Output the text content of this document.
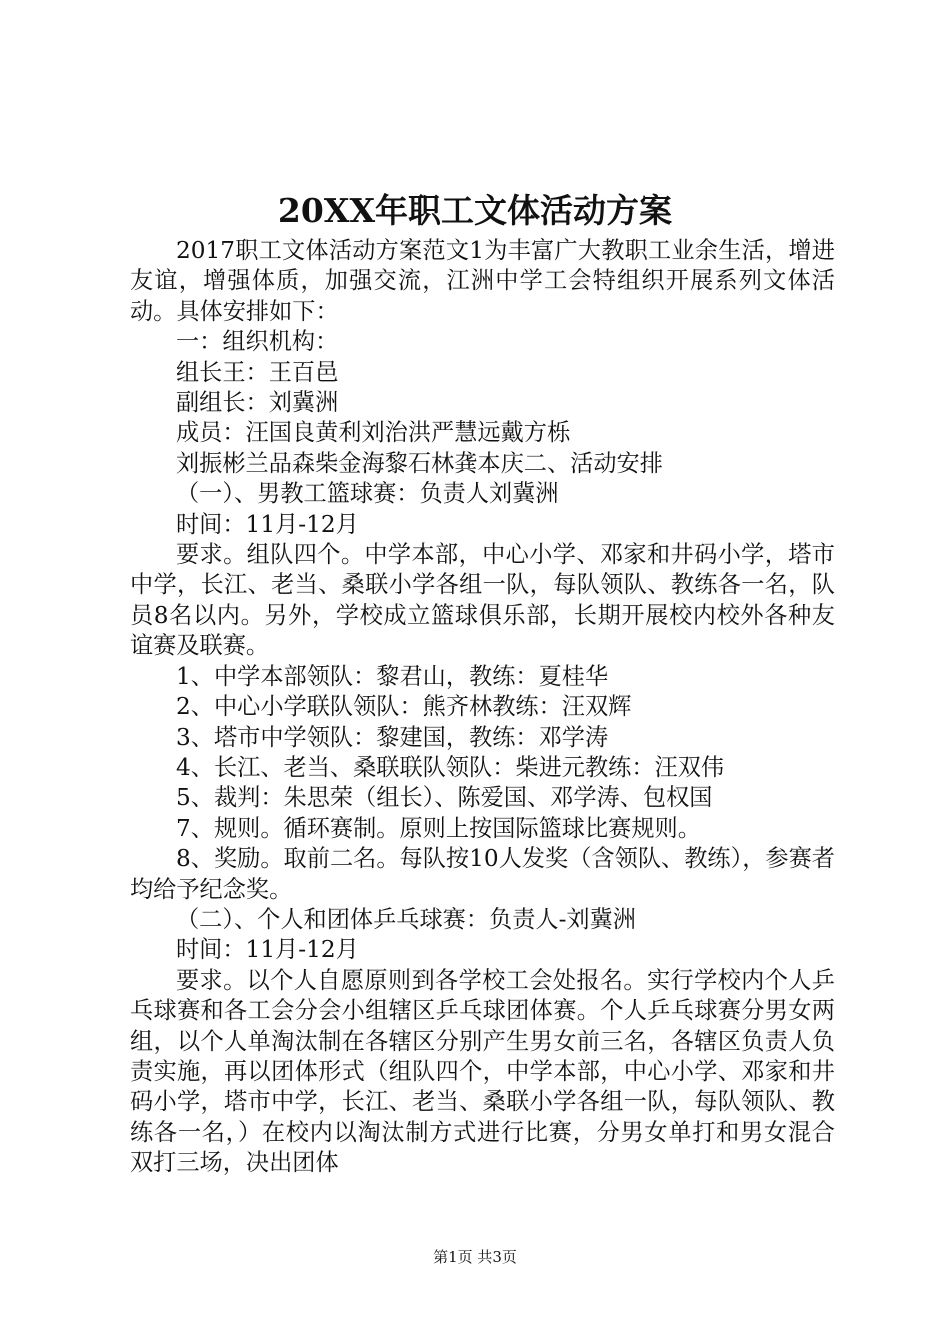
20XX年职工文体活动方案

2017职工文体活动方案范文1为丰富广大教职工业余生活，增进友谊，增强体质，加强交流，江洲中学工会特组织开展系列文体活动。具体安排如下：

一：组织机构：

组长王：王百邑

副组长：刘冀洲

成员：汪国良黄利刘治洪严慧远戴方栎

刘振彬兰品森柴金海黎石林龚本庆二、活动安排

（一）、男教工篮球赛：负责人刘冀洲

时间：11月-12月

要求。组队四个。中学本部，中心小学、邓家和井码小学，塔市中学，长江、老当、桑联小学各组一队，每队领队、教练各一名，队员8名以内。另外，学校成立篮球俱乐部，长期开展校内校外各种友谊赛及联赛。

1、中学本部领队：黎君山，教练：夏桂华

2、中心小学联队领队：熊齐林教练：汪双辉

3、塔市中学领队：黎建国，教练：邓学涛

4、长江、老当、桑联联队领队：柴进元教练：汪双伟

5、裁判：朱思荣（组长）、陈爱国、邓学涛、包权国

7、规则。循环赛制。原则上按国际篮球比赛规则。

8、奖励。取前二名。每队按10人发奖（含领队、教练），参赛者均给予纪念奖。

（二）、个人和团体乒乓球赛：负责人-刘冀洲

时间：11月-12月

要求。以个人自愿原则到各学校工会处报名。实行学校内个人乒乓球赛和各工会分会小组辖区乒乓球团体赛。个人乒乓球赛分男女两组，以个人单淘汰制在各辖区分别产生男女前三名，各辖区负责人负责实施，再以团体形式（组队四个，中学本部，中心小学、邓家和井码小学，塔市中学，长江、老当、桑联小学各组一队，每队领队、教练各一名，）在校内以淘汰制方式进行比赛，分男女单打和男女混合双打三场，决出团体

第1页 共3页
